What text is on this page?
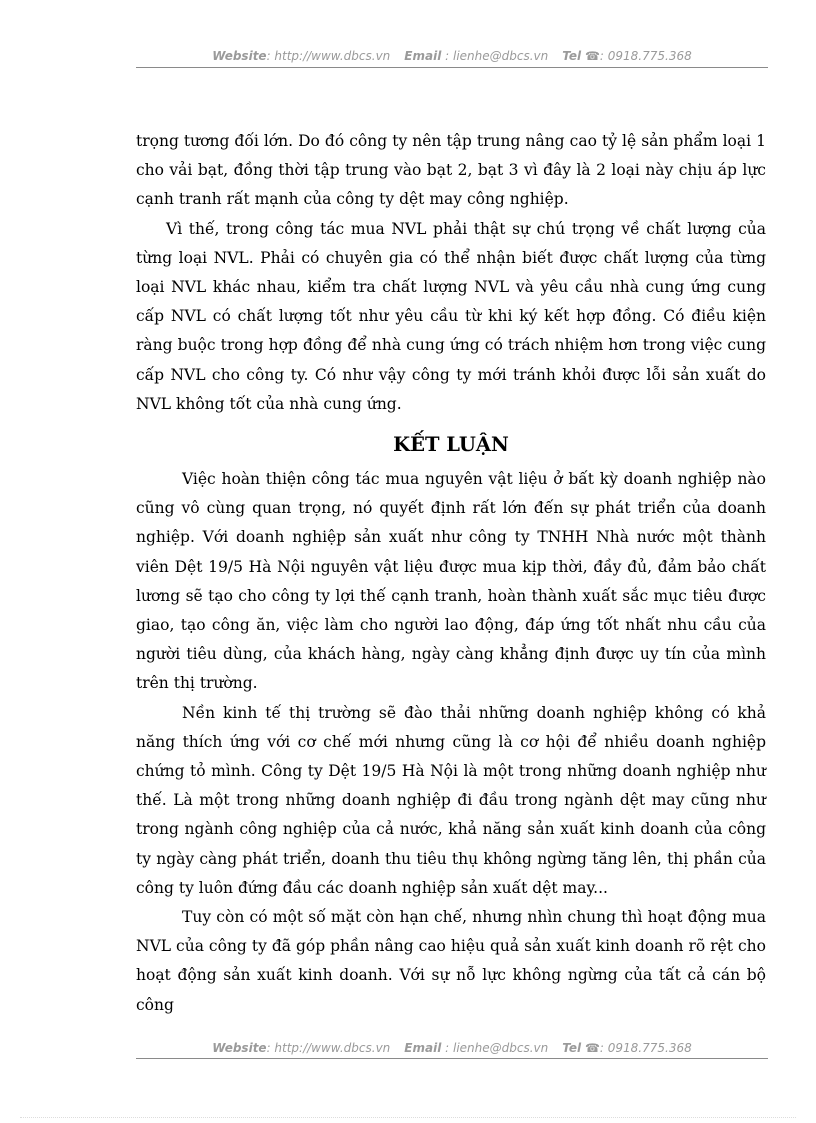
Website: http://www.dbcs.vn Email : lienhe@dbcs.vn Tel ☎: 0918.775.368

trọng tương đối lớn. Do đó công ty nên tập trung nâng cao tỷ lệ sản phẩm loại 1 cho vải bạt, đồng thời tập trung vào bạt 2, bạt 3 vì đây là 2 loại này chịu áp lực cạnh tranh rất mạnh của công ty dệt may công nghiệp.

Vì thế, trong công tác mua NVL phải thật sự chú trọng về chất lượng của từng loại NVL. Phải có chuyên gia có thể nhận biết được chất lượng của từng loại NVL khác nhau, kiểm tra chất lượng NVL và yêu cầu nhà cung ứng cung cấp NVL có chất lượng tốt như yêu cầu từ khi ký kết hợp đồng. Có điều kiện ràng buộc trong hợp đồng để nhà cung ứng có trách nhiệm hơn trong việc cung cấp NVL cho công ty. Có như vậy công ty mới tránh khỏi được lỗi sản xuất do NVL không tốt của nhà cung ứng.

KẾT LUẬN

Việc hoàn thiện công tác mua nguyên vật liệu ở bất kỳ doanh nghiệp nào cũng vô cùng quan trọng, nó quyết định rất lớn đến sự phát triển của doanh nghiệp. Với doanh nghiệp sản xuất như công ty TNHH Nhà nước một thành viên Dệt 19/5 Hà Nội nguyên vật liệu được mua kịp thời, đầy đủ, đảm bảo chất lương sẽ tạo cho công ty lợi thế cạnh tranh, hoàn thành xuất sắc mục tiêu được giao, tạo công ăn, việc làm cho người lao động, đáp ứng tốt nhất nhu cầu của người tiêu dùng, của khách hàng, ngày càng khẳng định được uy tín của mình trên thị trường.

Nền kinh tế thị trường sẽ đào thải những doanh nghiệp không có khả năng thích ứng với cơ chế mới nhưng cũng là cơ hội để nhiều doanh nghiệp chứng tỏ mình. Công ty Dệt 19/5 Hà Nội là một trong những doanh nghiệp như thế. Là một trong những doanh nghiệp đi đầu trong ngành dệt may cũng như trong ngành công nghiệp của cả nước, khả năng sản xuất kinh doanh của công ty ngày càng phát triển, doanh thu tiêu thụ không ngừng tăng lên, thị phần của công ty luôn đứng đầu các doanh nghiệp sản xuất dệt may...

Tuy còn có một số mặt còn hạn chế, nhưng nhìn chung thì hoạt động mua NVL của công ty đã góp phần nâng cao hiệu quả sản xuất kinh doanh rõ rệt cho hoạt động sản xuất kinh doanh. Với sự nỗ lực không ngừng của tất cả cán bộ công

Website: http://www.dbcs.vn Email : lienhe@dbcs.vn Tel ☎: 0918.775.368
